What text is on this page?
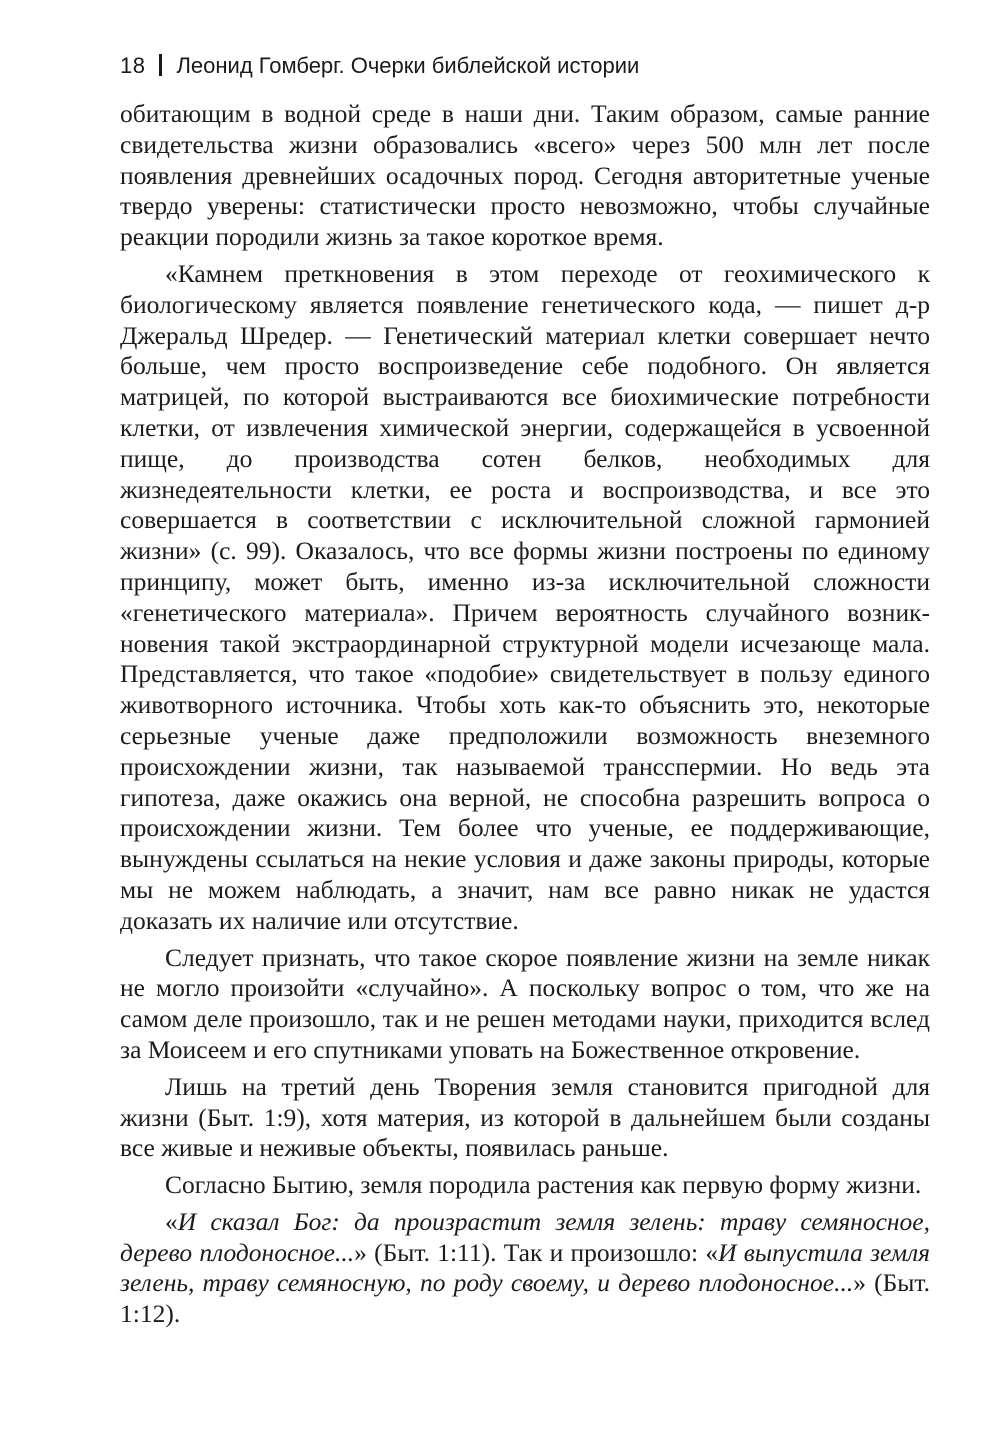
18 Леонид Гомберг. Очерки библейской истории

обитающим в водной среде в наши дни. Таким образом, самые ранние свидетельства жизни образовались «всего» через 500 млн лет после появления древнейших осадочных пород. Сегодня авторитетные ученые твердо уверены: статистически просто невозможно, чтобы случайные реакции породили жизнь за такое короткое время.

«Камнем преткновения в этом переходе от геохимического к биологическому является появление генетического кода, — пишет д-р Джеральд Шредер. — Генетический материал клетки совершает нечто больше, чем просто воспроизведение себе подобного. Он является матрицей, по которой выстраиваются все биохимические потребности клетки, от извлечения химической энергии, содержащейся в усвоенной пище, до производства сотен белков, необходимых для жизнедеятельности клетки, ее роста и воспроизводства, и все это совершается в соответствии с исключительной сложной гармонией жизни» (с. 99). Оказалось, что все формы жизни построены по единому принципу, может быть, именно из-за исключительной сложности «генетического материала». Причем вероятность случайного возникновения такой экстраординарной структурной модели исчезающе мала. Представляется, что такое «подобие» свидетельствует в пользу единого животворного источника. Чтобы хоть как-то объяснить это, некоторые серьезные ученые даже предположили возможность внеземного происхождении жизни, так называемой трансспермии. Но ведь эта гипотеза, даже окажись она верной, не способна разрешить вопроса о происхождении жизни. Тем более что ученые, ее поддерживающие, вынуждены ссылаться на некие условия и даже законы природы, которые мы не можем наблюдать, а значит, нам все равно никак не удастся доказать их наличие или отсутствие.

Следует признать, что такое скорое появление жизни на земле никак не могло произойти «случайно». А поскольку вопрос о том, что же на самом деле произошло, так и не решен методами науки, приходится вслед за Моисеем и его спутниками уповать на Божественное откровение.

Лишь на третий день Творения земля становится пригодной для жизни (Быт. 1:9), хотя материя, из которой в дальнейшем были созданы все живые и неживые объекты, появилась раньше.

Согласно Бытию, земля породила растения как первую форму жизни.

«И сказал Бог: да произрастит земля зелень: траву семяносное, дерево плодоносное...» (Быт. 1:11). Так и произошло: «И выпустила земля зелень, траву семяносную, по роду своему, и дерево плодоносное...» (Быт. 1:12).
